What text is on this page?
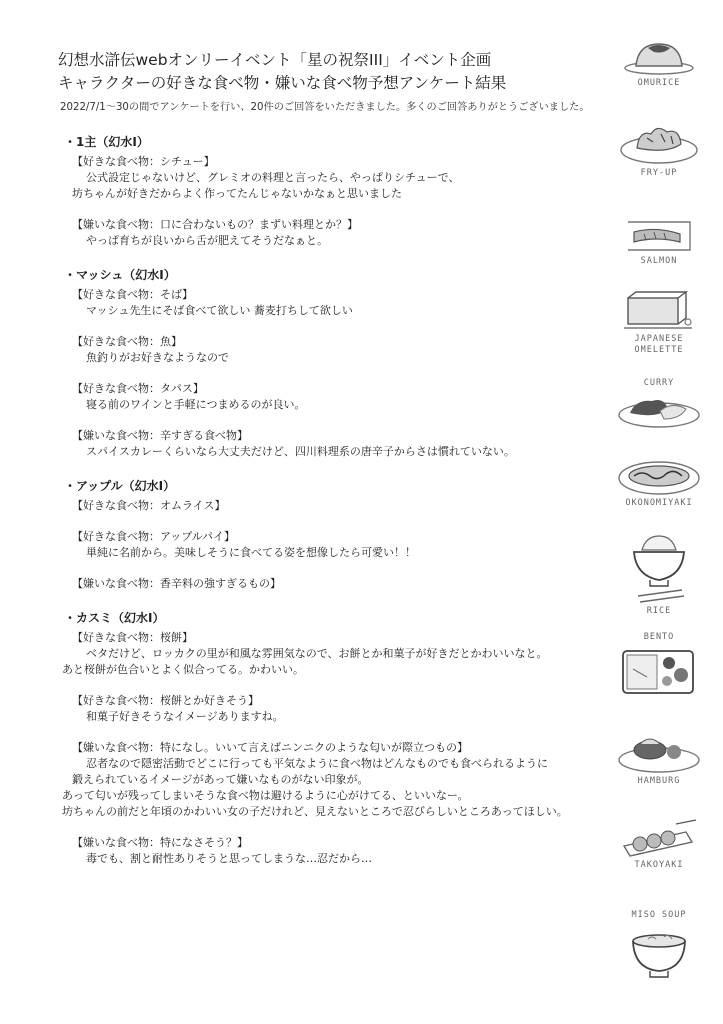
幻想水滸伝webオンリーイベント「星の祝祭III」イベント企画
キャラクターの好きな食べ物・嫌いな食べ物予想アンケート結果
2022/7/1～30の間でアンケートを行い、20件のご回答をいただきました。多くのご回答ありがとうございました。
・1主（幻水Ⅰ）
【好きな食べ物：シチュー】
公式設定じゃないけど、グレミオの料理と言ったら、やっぱりシチューで、
坊ちゃんが好きだからよく作ってたんじゃないかなぁと思いました
【嫌いな食べ物：口に合わないもの？まずい料理とか？】
やっぱ育ちが良いから舌が肥えてそうだなぁと。
・マッシュ（幻水Ⅰ）
【好きな食べ物：そば】
マッシュ先生にそば食べて欲しい 蕎麦打ちして欲しい
【好きな食べ物：魚】
魚釣りがお好きなようなので
【好きな食べ物：タパス】
寝る前のワインと手軽につまめるのが良い。
【嫌いな食べ物：辛すぎる食べ物】
スパイスカレーくらいなら大丈夫だけど、四川料理系の唐辛子からさは慣れていない。
・アップル（幻水Ⅰ）
【好きな食べ物：オムライス】
【好きな食べ物：アップルパイ】
単純に名前から。美味しそうに食べてる姿を想像したら可愛い！！
【嫌いな食べ物：香辛料の強すぎるもの】
・カスミ（幻水Ⅰ）
【好きな食べ物：桜餅】
ベタだけど、ロッカクの里が和風な雰囲気なので、お餅とか和菓子が好きだとかわいいなと。
あと桜餅が色合いとよく似合ってる。かわいい。
【好きな食べ物：桜餅とか好きそう】
和菓子好きそうなイメージありますね。
【嫌いな食べ物：特になし。いいて言えばニンニクのような匂いが際立つもの】
忍者なので隠密活動でどこに行っても平気なように食べ物はどんなものでも食べられるように
鍛えられているイメージがあって嫌いなものがない印象が。
あって匂いが残ってしまいそうな食べ物は避けるように心がけてる、といいなー。
坊ちゃんの前だと年頃のかわいい女の子だけれど、見えないところで忍びらしいところあってほしい。
【嫌いな食べ物：特になさそう？】
毒でも、割と耐性ありそうと思ってしまうな…忍だから…
OMURICE
FRY-UP
SALMON
JAPANESE
OMELETTE
CURRY
OKONOMIYAKI
RICE
BENTO
HAMBURG
TAKOYAKI
MISO SOUP
